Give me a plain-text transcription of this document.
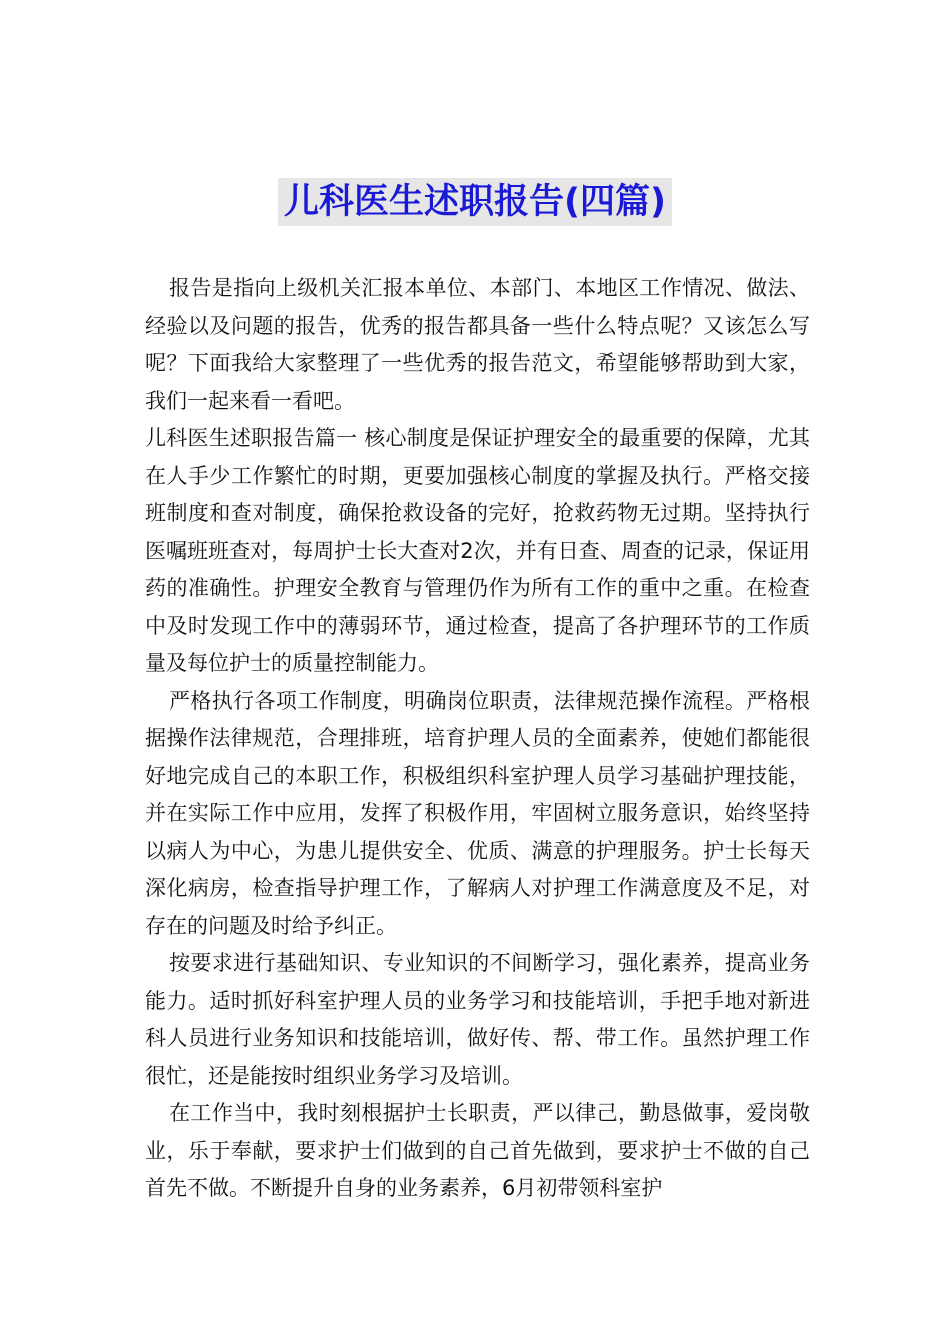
儿科医生述职报告(四篇)

报告是指向上级机关汇报本单位、本部门、本地区工作情况、做法、经验以及问题的报告，优秀的报告都具备一些什么特点呢？又该怎么写呢？下面我给大家整理了一些优秀的报告范文，希望能够帮助到大家，我们一起来看一看吧。

儿科医生述职报告篇一 核心制度是保证护理安全的最重要的保障，尤其在人手少工作繁忙的时期，更要加强核心制度的掌握及执行。严格交接班制度和查对制度，确保抢救设备的完好，抢救药物无过期。坚持执行医嘱班班查对，每周护士长大查对2次，并有日查、周查的记录，保证用药的准确性。护理安全教育与管理仍作为所有工作的重中之重。在检查中及时发现工作中的薄弱环节，通过检查，提高了各护理环节的工作质量及每位护士的质量控制能力。

严格执行各项工作制度，明确岗位职责，法律规范操作流程。严格根据操作法律规范，合理排班，培育护理人员的全面素养，使她们都能很好地完成自己的本职工作，积极组织科室护理人员学习基础护理技能，并在实际工作中应用，发挥了积极作用，牢固树立服务意识，始终坚持以病人为中心，为患儿提供安全、优质、满意的护理服务。护士长每天深化病房，检查指导护理工作，了解病人对护理工作满意度及不足，对存在的问题及时给予纠正。

按要求进行基础知识、专业知识的不间断学习，强化素养，提高业务能力。适时抓好科室护理人员的业务学习和技能培训，手把手地对新进科人员进行业务知识和技能培训，做好传、帮、带工作。虽然护理工作很忙，还是能按时组织业务学习及培训。

在工作当中，我时刻根据护士长职责，严以律己，勤恳做事，爱岗敬业，乐于奉献，要求护士们做到的自己首先做到，要求护士不做的自己首先不做。不断提升自身的业务素养，6月初带领科室护
